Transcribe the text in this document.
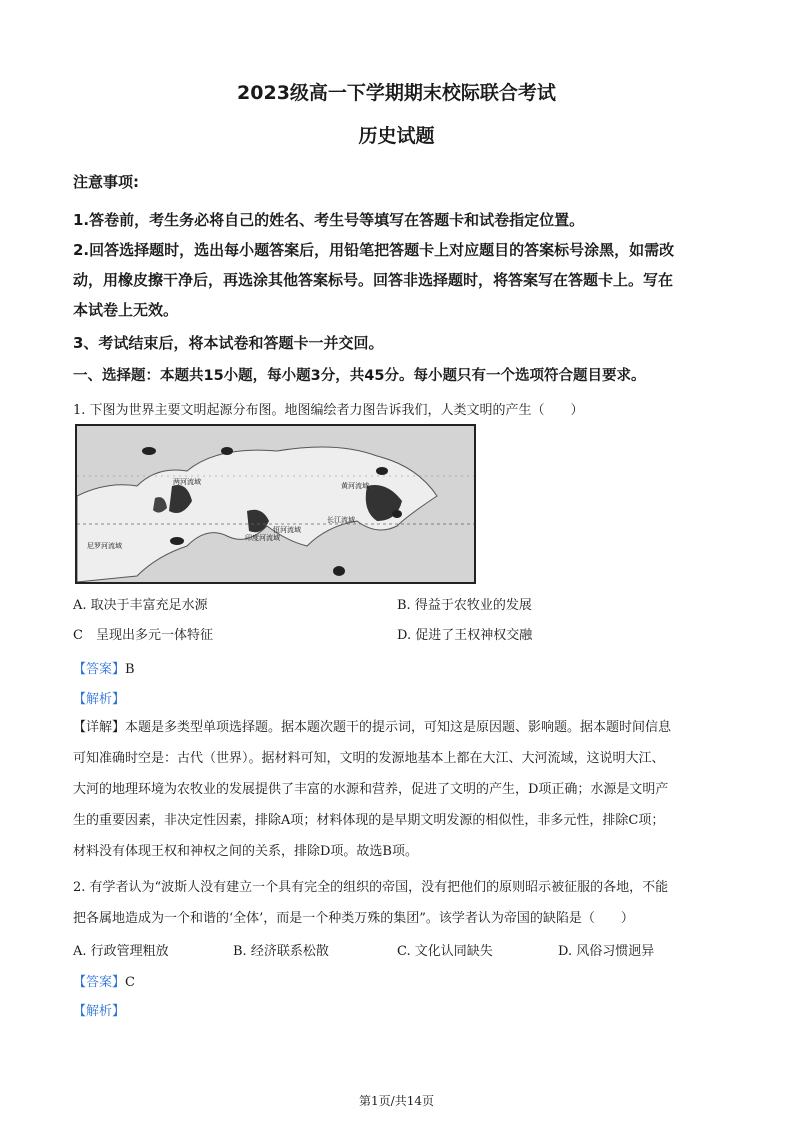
2023级高一下学期期末校际联合考试
历史试题
注意事项:
1.答卷前，考生务必将自己的姓名、考生号等填写在答题卡和试卷指定位置。
2.回答选择题时，选出每小题答案后，用铅笔把答题卡上对应题目的答案标号涂黑，如需改
动，用橡皮擦干净后，再选涂其他答案标号。回答非选择题时，将答案写在答题卡上。写在
本试卷上无效。
3、考试结束后，将本试卷和答题卡一并交回。
一、选择题：本题共15小题，每小题3分，共45分。每小题只有一个选项符合题目要求。
1. 下图为世界主要文明起源分布图。地图编绘者力图告诉我们，人类文明的产生（　　）
两河流域	黄河流域
长江流域
印度河流域
恒河流域
尼罗河流域
A. 取决于丰富充足水源	B. 得益于农牧业的发展
C　呈现出多元一体特征	D. 促进了王权神权交融
【答案】B
【解析】
【详解】本题是多类型单项选择题。据本题次题干的提示词，可知这是原因题、影响题。据本题时间信息
可知准确时空是：古代（世界）。据材料可知，文明的发源地基本上都在大江、大河流域，这说明大江、
大河的地理环境为农牧业的发展提供了丰富的水源和营养，促进了文明的产生，D项正确；水源是文明产
生的重要因素，非决定性因素，排除A项；材料体现的是早期文明发源的相似性，非多元性，排除C项；
材料没有体现王权和神权之间的关系，排除D项。故选B项。
2. 有学者认为“波斯人没有建立一个具有完全的组织的帝国，没有把他们的原则昭示被征服的各地，不能
把各属地造成为一个和谐的‘全体’，而是一个种类万殊的集团”。该学者认为帝国的缺陷是（　　）
A. 行政管理粗放	B. 经济联系松散	C. 文化认同缺失	D. 风俗习惯迥异
【答案】C
【解析】
第1页/共14页
